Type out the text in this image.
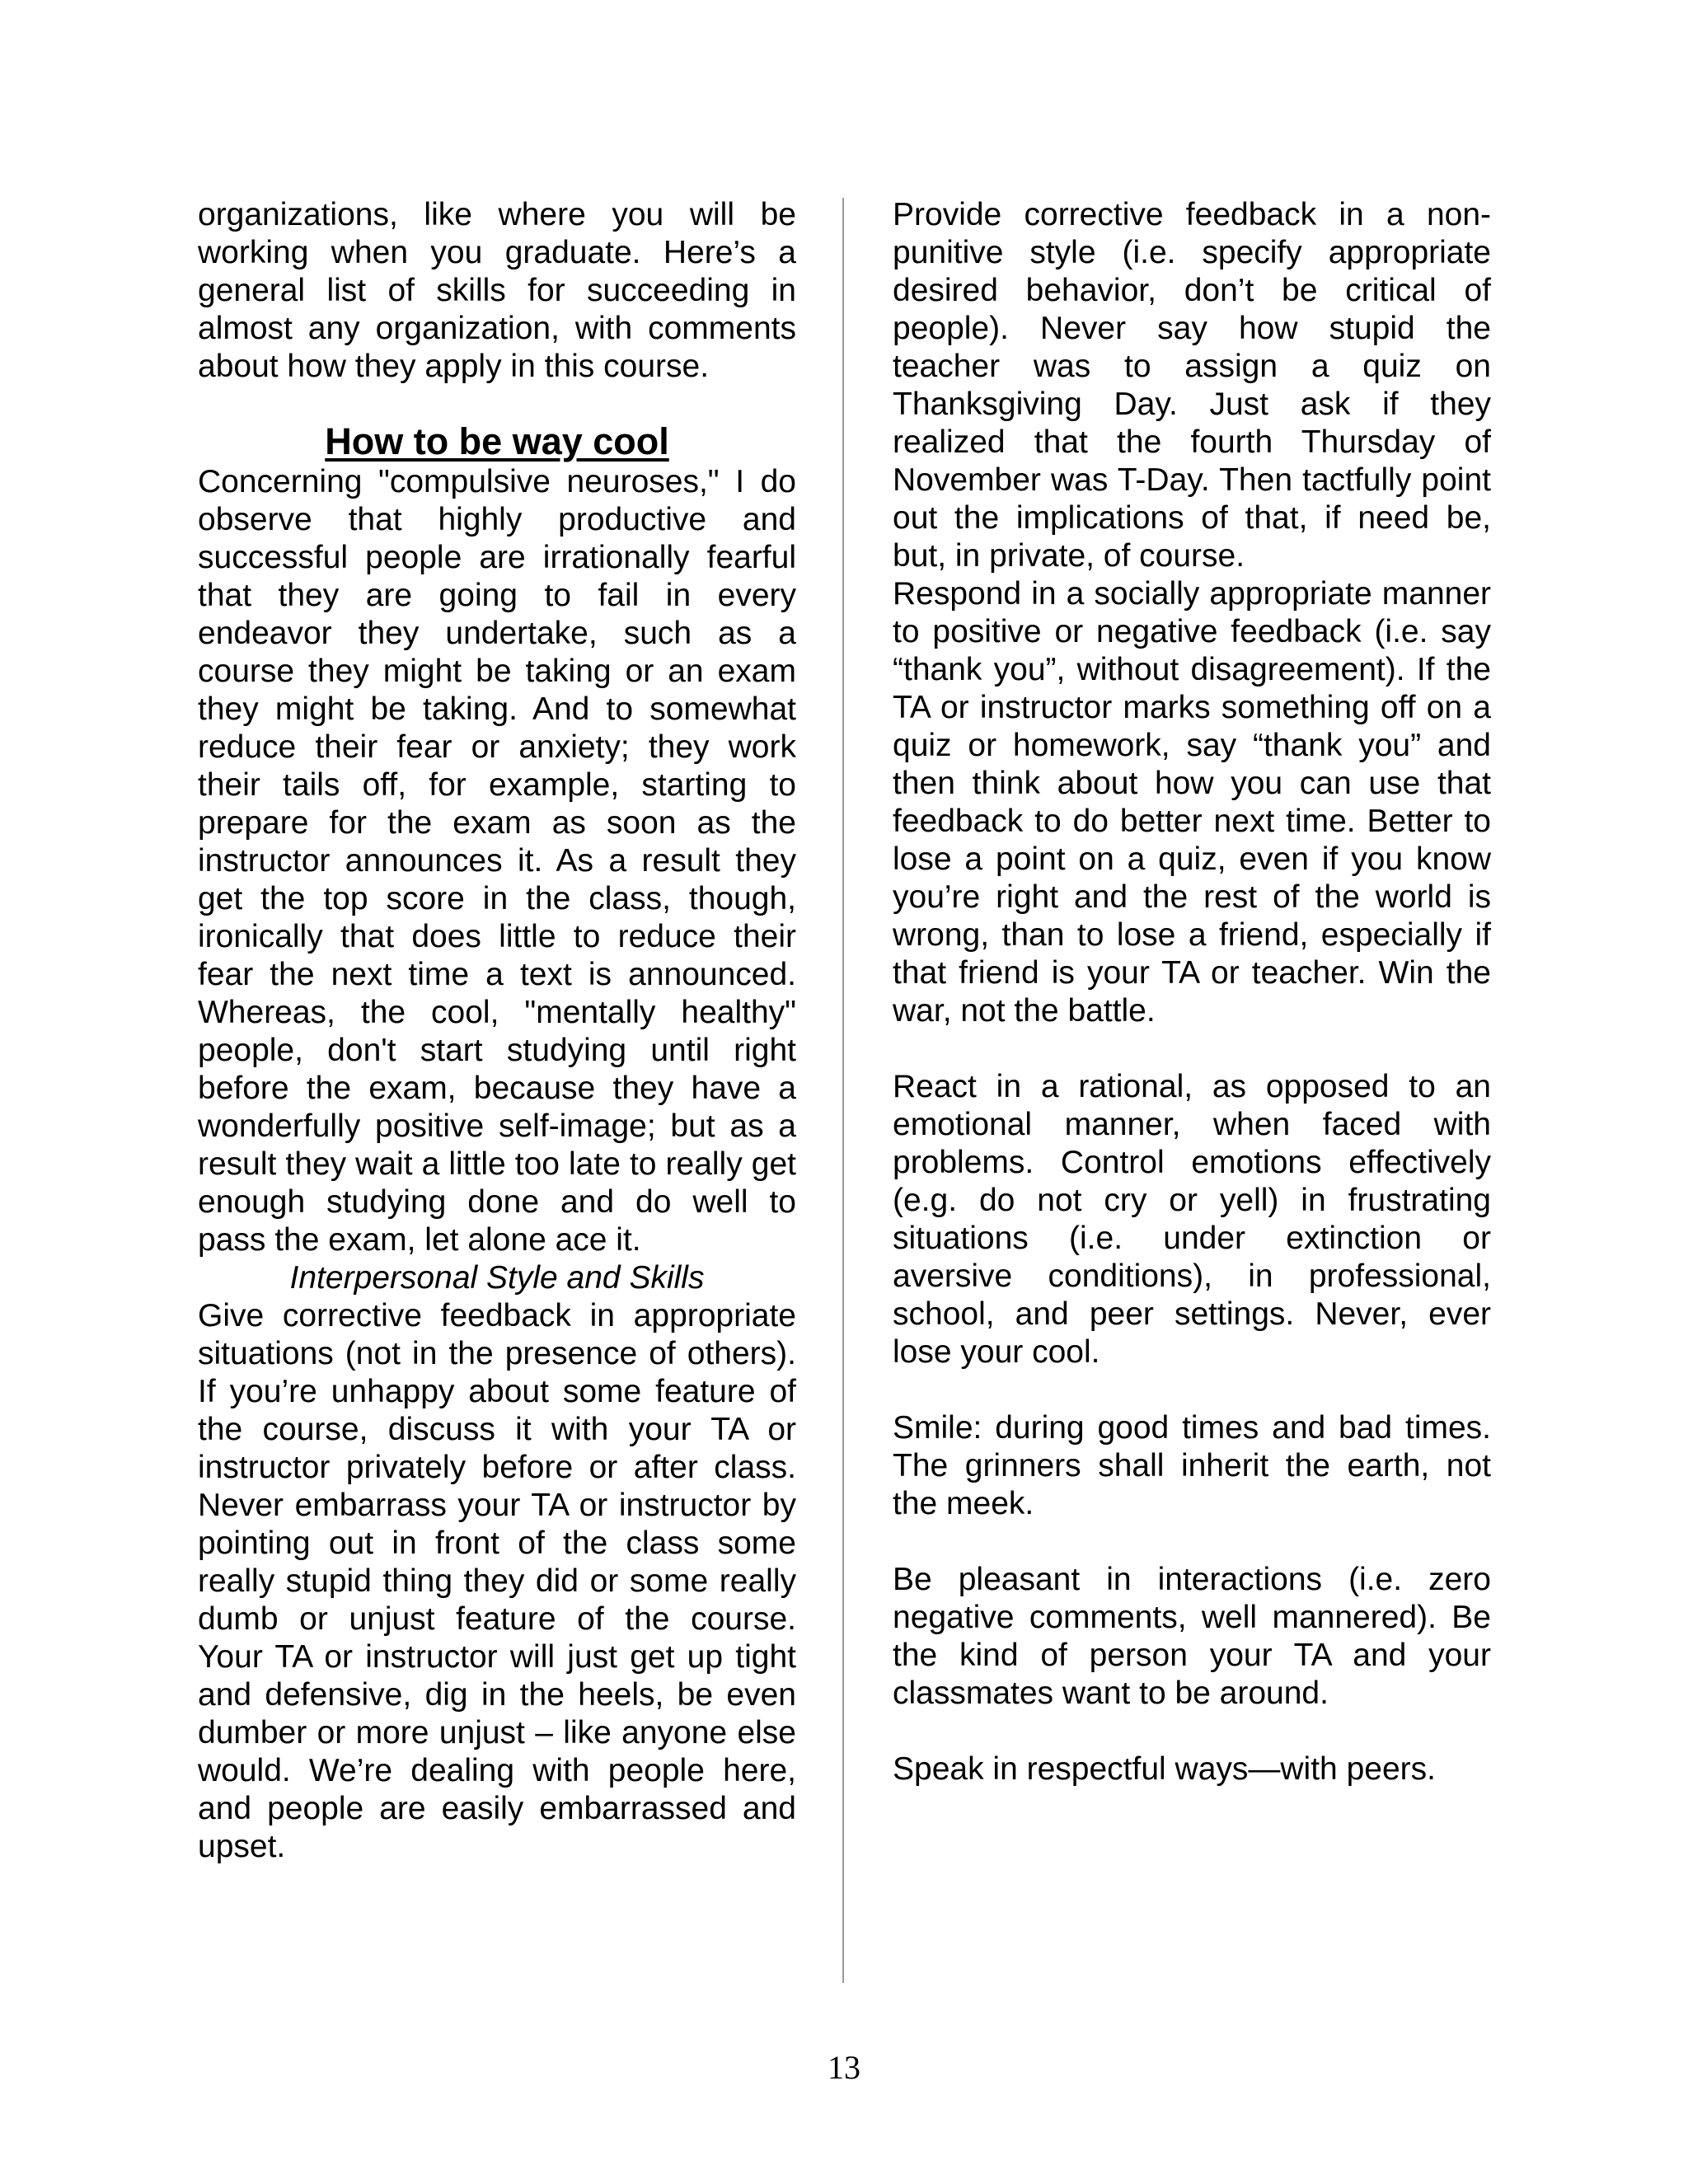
organizations, like where you will be working when you graduate. Here’s a general list of skills for succeeding in almost any organization, with comments about how they apply in this course.

How to be way cool

Concerning "compulsive neuroses," I do observe that highly productive and successful people are irrationally fearful that they are going to fail in every endeavor they undertake, such as a course they might be taking or an exam they might be taking. And to somewhat reduce their fear or anxiety; they work their tails off, for example, starting to prepare for the exam as soon as the instructor announces it. As a result they get the top score in the class, though, ironically that does little to reduce their fear the next time a text is announced. Whereas, the cool, "mentally healthy" people, don't start studying until right before the exam, because they have a wonderfully positive self-image; but as a result they wait a little too late to really get enough studying done and do well to pass the exam, let alone ace it.

Interpersonal Style and Skills

Give corrective feedback in appropriate situations (not in the presence of others). If you’re unhappy about some feature of the course, discuss it with your TA or instructor privately before or after class. Never embarrass your TA or instructor by pointing out in front of the class some really stupid thing they did or some really dumb or unjust feature of the course. Your TA or instructor will just get up tight and defensive, dig in the heels, be even dumber or more unjust – like anyone else would. We’re dealing with people here, and people are easily embarrassed and upset.

Provide corrective feedback in a non-punitive style (i.e. specify appropriate desired behavior, don’t be critical of people). Never say how stupid the teacher was to assign a quiz on Thanksgiving Day. Just ask if they realized that the fourth Thursday of November was T-Day. Then tactfully point out the implications of that, if need be, but, in private, of course.

Respond in a socially appropriate manner to positive or negative feedback (i.e. say “thank you”, without disagreement). If the TA or instructor marks something off on a quiz or homework, say “thank you” and then think about how you can use that feedback to do better next time. Better to lose a point on a quiz, even if you know you’re right and the rest of the world is wrong, than to lose a friend, especially if that friend is your TA or teacher. Win the war, not the battle.

React in a rational, as opposed to an emotional manner, when faced with problems. Control emotions effectively (e.g. do not cry or yell) in frustrating situations (i.e. under extinction or aversive conditions), in professional, school, and peer settings. Never, ever lose your cool.

Smile: during good times and bad times. The grinners shall inherit the earth, not the meek.

Be pleasant in interactions (i.e. zero negative comments, well mannered). Be the kind of person your TA and your classmates want to be around.

Speak in respectful ways—with peers.

13
